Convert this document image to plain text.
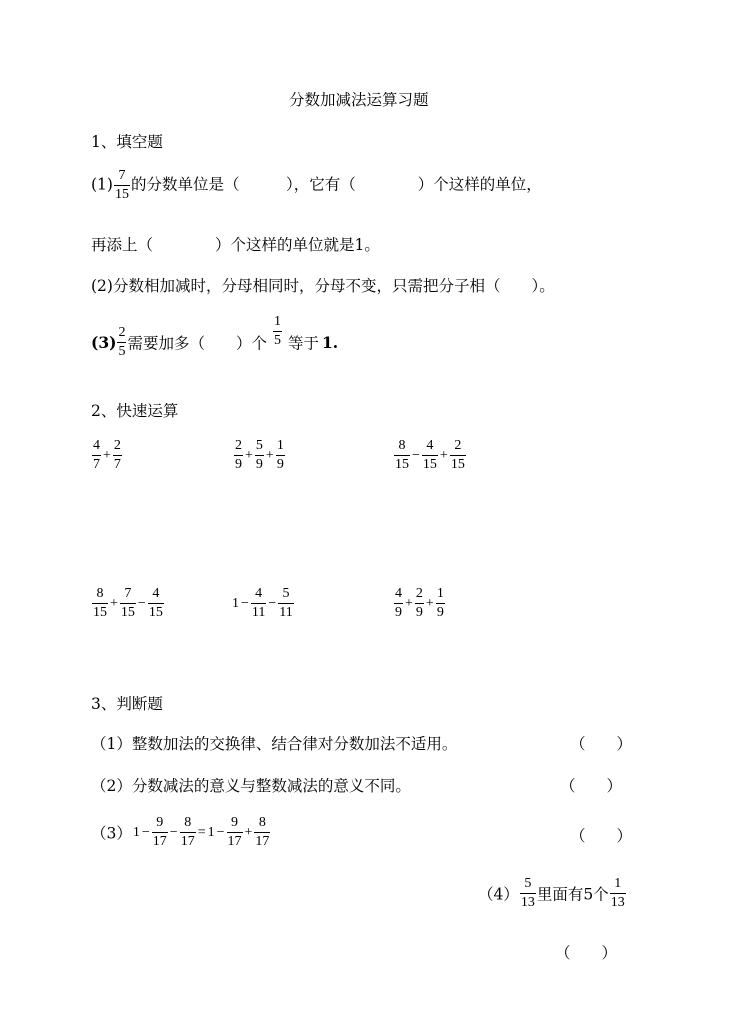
分数加减法运算习题
1、填空题
$(1) \frac{7}{15}$ 的分数单位是（　　　），它有（　　　　）个这样的单位，
再添上（　　　　）个这样的单位就是1。
(2)分数相加减时，分母相同时，分母不变，只需把分子相（　　）。
$(3) \frac{2}{5}$ 需要加多（　　）个 $\frac{1}{5}$ 等于 1.
2、快速运算
$\frac{4}{7} + \frac{2}{7}$	$\frac{2}{9} + \frac{5}{9} + \frac{1}{9}$	$\frac{8}{15} - \frac{4}{15} + \frac{2}{15}$
$\frac{8}{15} + \frac{7}{15} - \frac{4}{15}$	$1 - \frac{4}{11} - \frac{5}{11}$	$\frac{4}{9} + \frac{2}{9} + \frac{1}{9}$
3、判断题
（1）整数加法的交换律、结合律对分数加法不适用。	（　　）
（2）分数减法的意义与整数减法的意义不同。	（　　）
$(3)1 - \frac{9}{17} - \frac{8}{17} = 1 - \frac{9}{17} + \frac{8}{17}$	（　　）
$(4) \frac{5}{13}$ 里面有5个 $\frac{1}{13}$
（　　）
